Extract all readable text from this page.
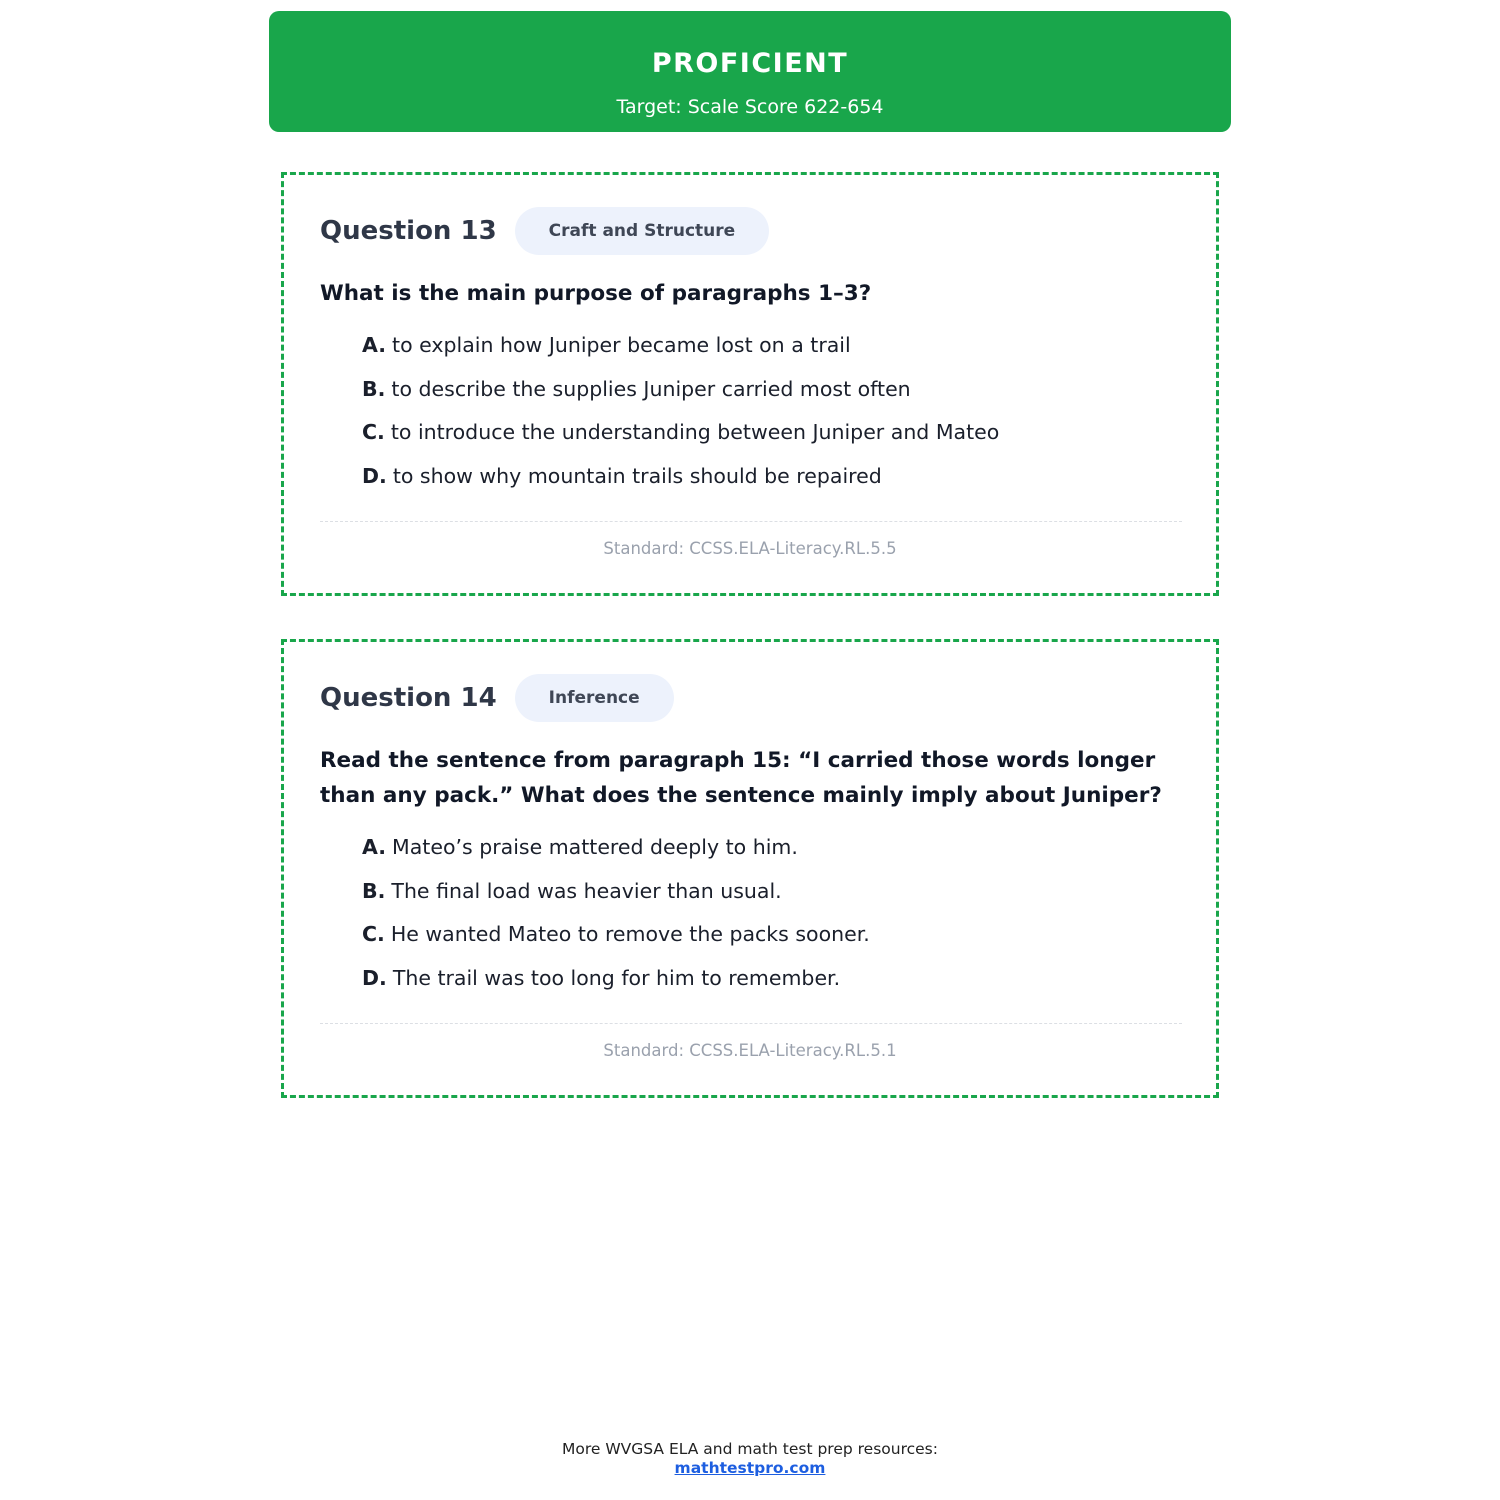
PROFICIENT
Target: Scale Score 622-654
Question 13	Craft and Structure
What is the main purpose of paragraphs 1–3?
A. to explain how Juniper became lost on a trail
B. to describe the supplies Juniper carried most often
C. to introduce the understanding between Juniper and Mateo
D. to show why mountain trails should be repaired
Standard: CCSS.ELA-Literacy.RL.5.5
Question 14	Inference
Read the sentence from paragraph 15: “I carried those words longer than any pack.” What does the sentence mainly imply about Juniper?
A. Mateo’s praise mattered deeply to him.
B. The final load was heavier than usual.
C. He wanted Mateo to remove the packs sooner.
D. The trail was too long for him to remember.
Standard: CCSS.ELA-Literacy.RL.5.1
More WVGSA ELA and math test prep resources:
mathtestpro.com
